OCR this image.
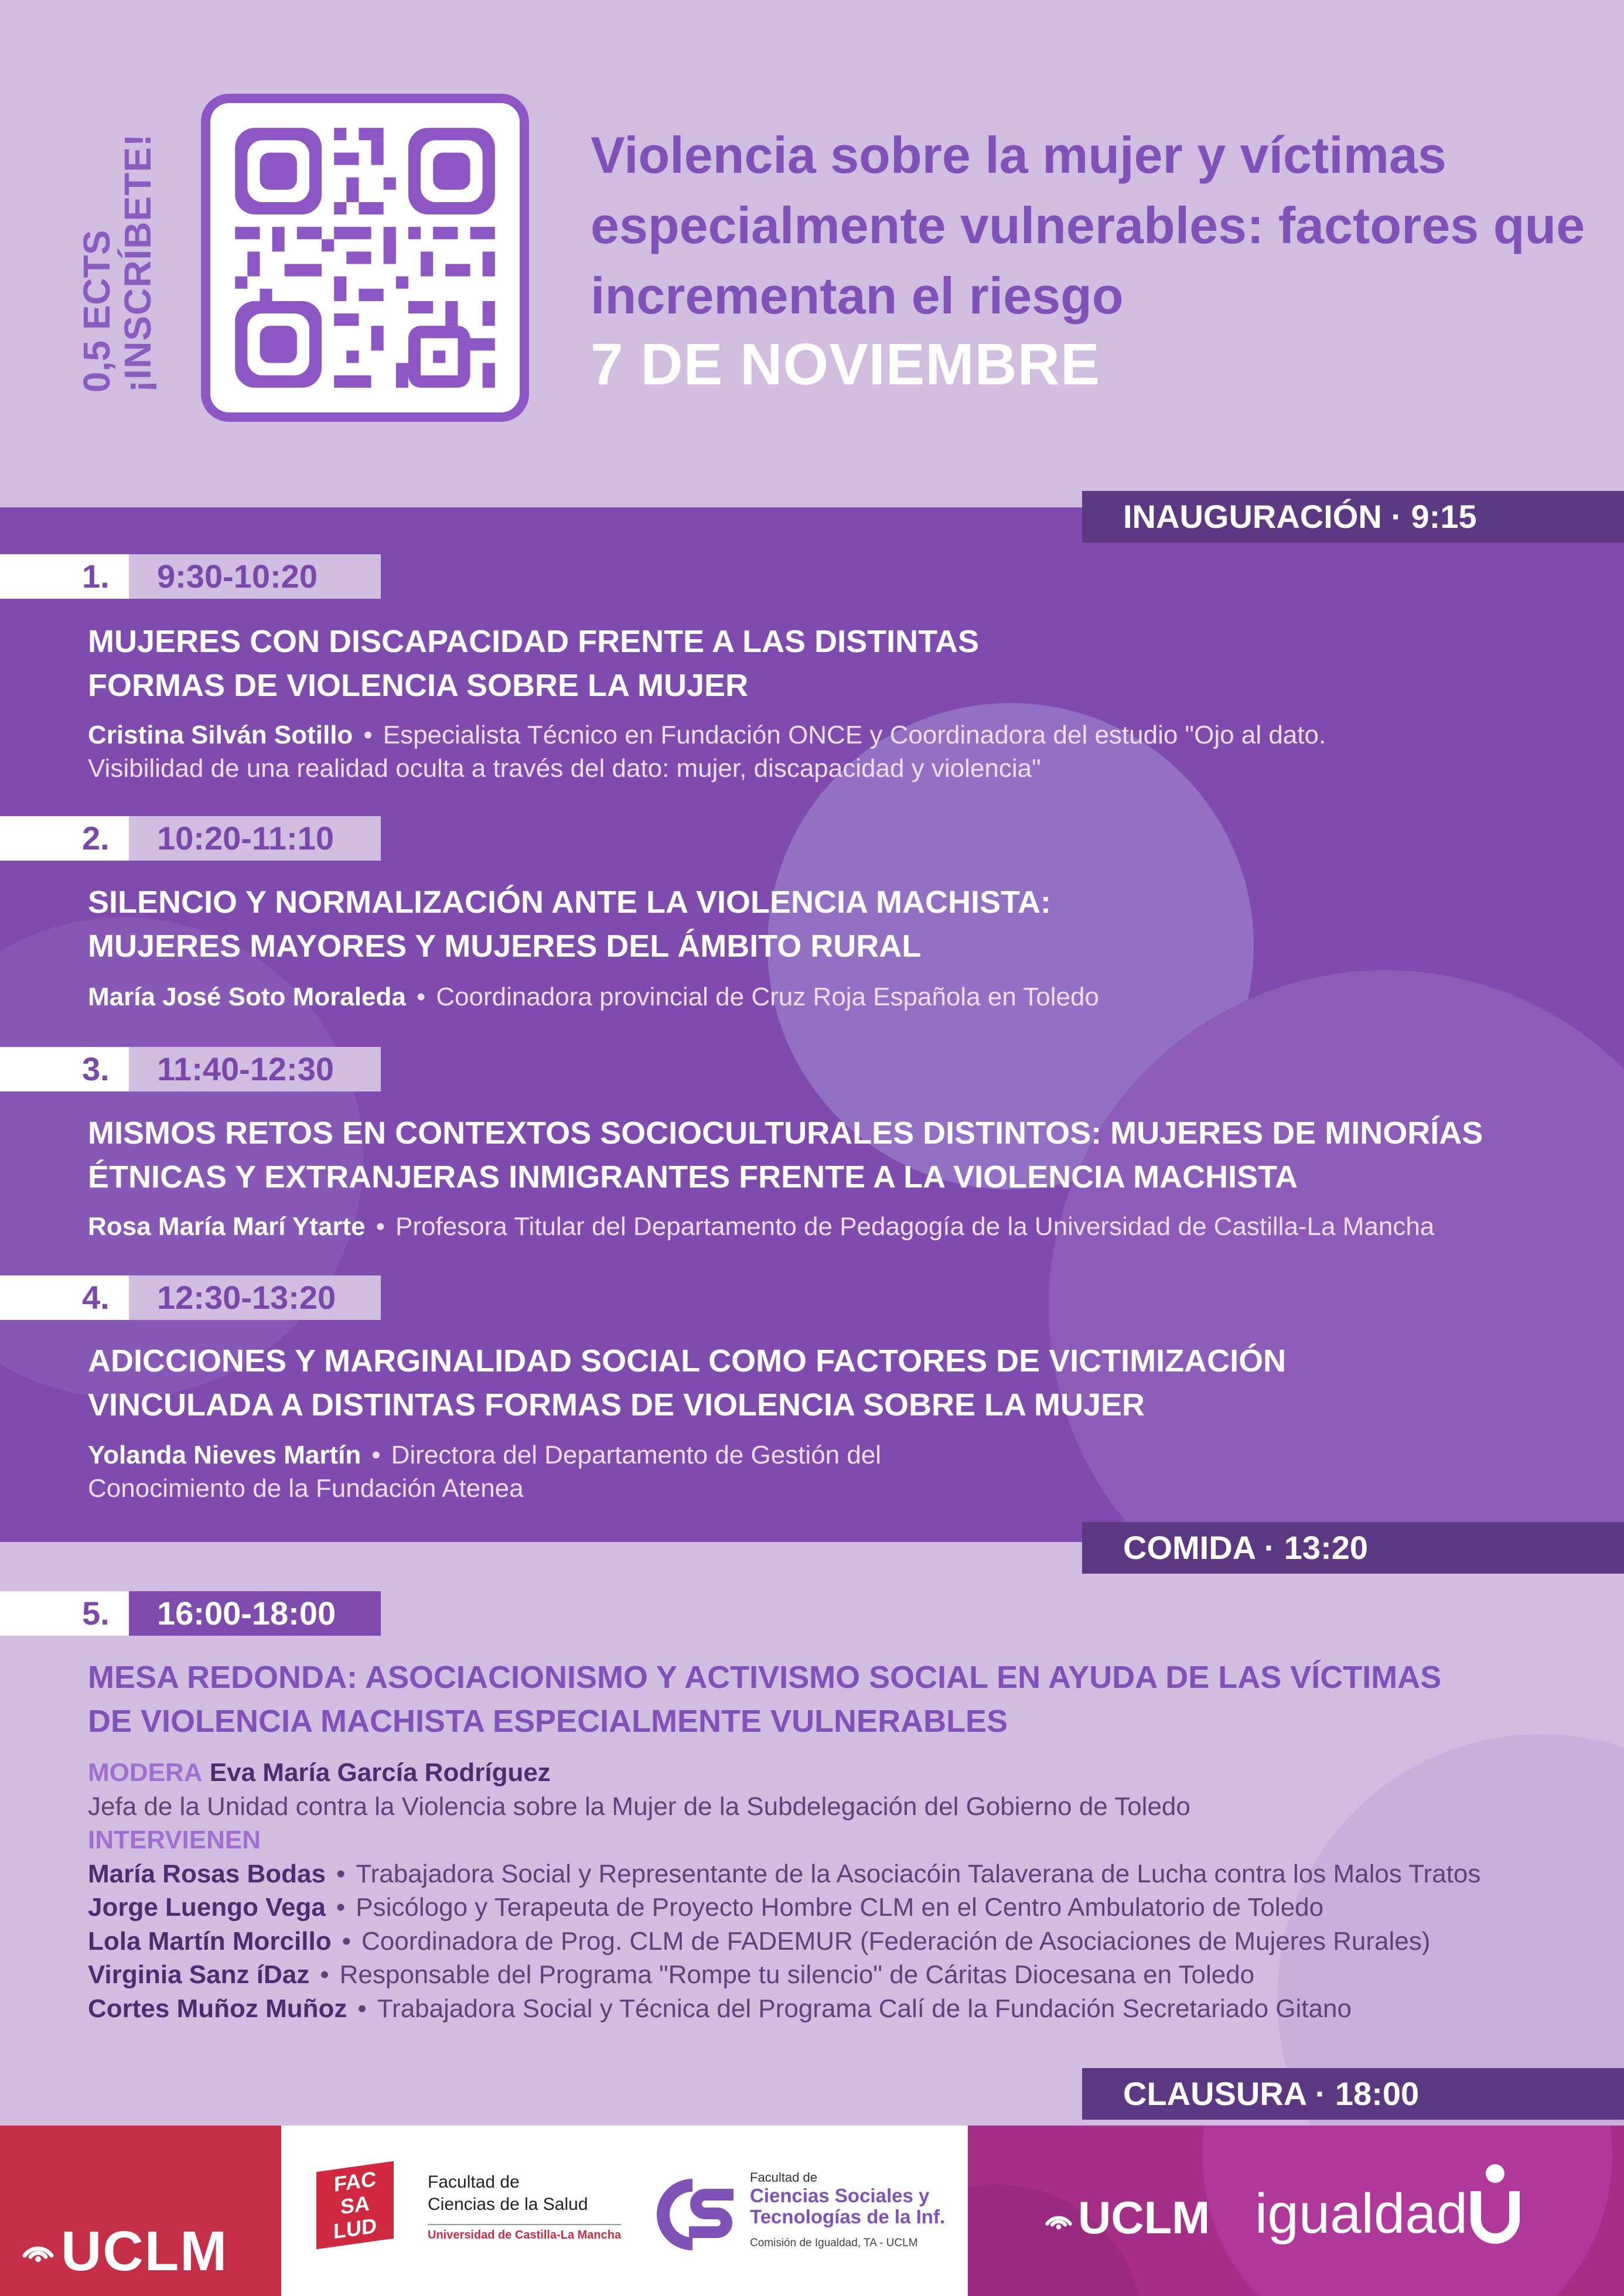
0,5 ECTS
¡INSCRÍBETE!	Violencia sobre la mujer y víctimas especialmente vulnerables: factores que incrementan el riesgo
7 DE NOVIEMBRE
INAUGURACIÓN · 9:15
COMIDA · 13:20
CLAUSURA · 18:00
1.	9:30-10:20
MUJERES CON DISCAPACIDAD FRENTE A LAS DISTINTAS
FORMAS DE VIOLENCIA SOBRE LA MUJER
Cristina Silván Sotillo • Especialista Técnico en Fundación ONCE y Coordinadora del estudio "Ojo al dato. Visibilidad de una realidad oculta a través del dato: mujer, discapacidad y violencia"
2.	10:20-11:10
SILENCIO Y NORMALIZACIÓN ANTE LA VIOLENCIA MACHISTA:
MUJERES MAYORES Y MUJERES DEL ÁMBITO RURAL
María José Soto Moraleda • Coordinadora provincial de Cruz Roja Española en Toledo
3.	11:40-12:30
MISMOS RETOS EN CONTEXTOS SOCIOCULTURALES DISTINTOS: MUJERES DE MINORÍAS
ÉTNICAS Y EXTRANJERAS INMIGRANTES FRENTE A LA VIOLENCIA MACHISTA
Rosa María Marí Ytarte • Profesora Titular del Departamento de Pedagogía de la Universidad de Castilla-La Mancha
4.	12:30-13:20
ADICCIONES Y MARGINALIDAD SOCIAL COMO FACTORES DE VICTIMIZACIÓN
VINCULADA A DISTINTAS FORMAS DE VIOLENCIA SOBRE LA MUJER
Yolanda Nieves Martín • Directora del Departamento de Gestión del Conocimiento de la Fundación Atenea
5.	16:00-18:00
MESA REDONDA: ASOCIACIONISMO Y ACTIVISMO SOCIAL EN AYUDA DE LAS VÍCTIMAS
DE VIOLENCIA MACHISTA ESPECIALMENTE VULNERABLES
MODERA Eva María García Rodríguez
Jefa de la Unidad contra la Violencia sobre la Mujer de la Subdelegación del Gobierno de Toledo
INTERVIENEN
María Rosas Bodas • Trabajadora Social y Representante de la Asociacóin Talaverana de Lucha contra los Malos Tratos
Jorge Luengo Vega • Psicólogo y Terapeuta de Proyecto Hombre CLM en el Centro Ambulatorio de Toledo
Lola Martín Morcillo • Coordinadora de Prog. CLM de FADEMUR (Federación de Asociaciones de Mujeres Rurales)
Virginia Sanz íDaz • Responsable del Programa "Rompe tu silencio" de Cáritas Diocesana en Toledo
Cortes Muñoz Muñoz • Trabajadora Social y Técnica del Programa Calí de la Fundación Secretariado Gitano
UCLM
FAC
SA
LUD
Facultad de
Ciencias de la Salud
Universidad de Castilla-La Mancha
Facultad de
Ciencias Sociales y
Tecnologías de la Inf.
Comisión de Igualdad, TA - UCLM	UCLM igualdad
